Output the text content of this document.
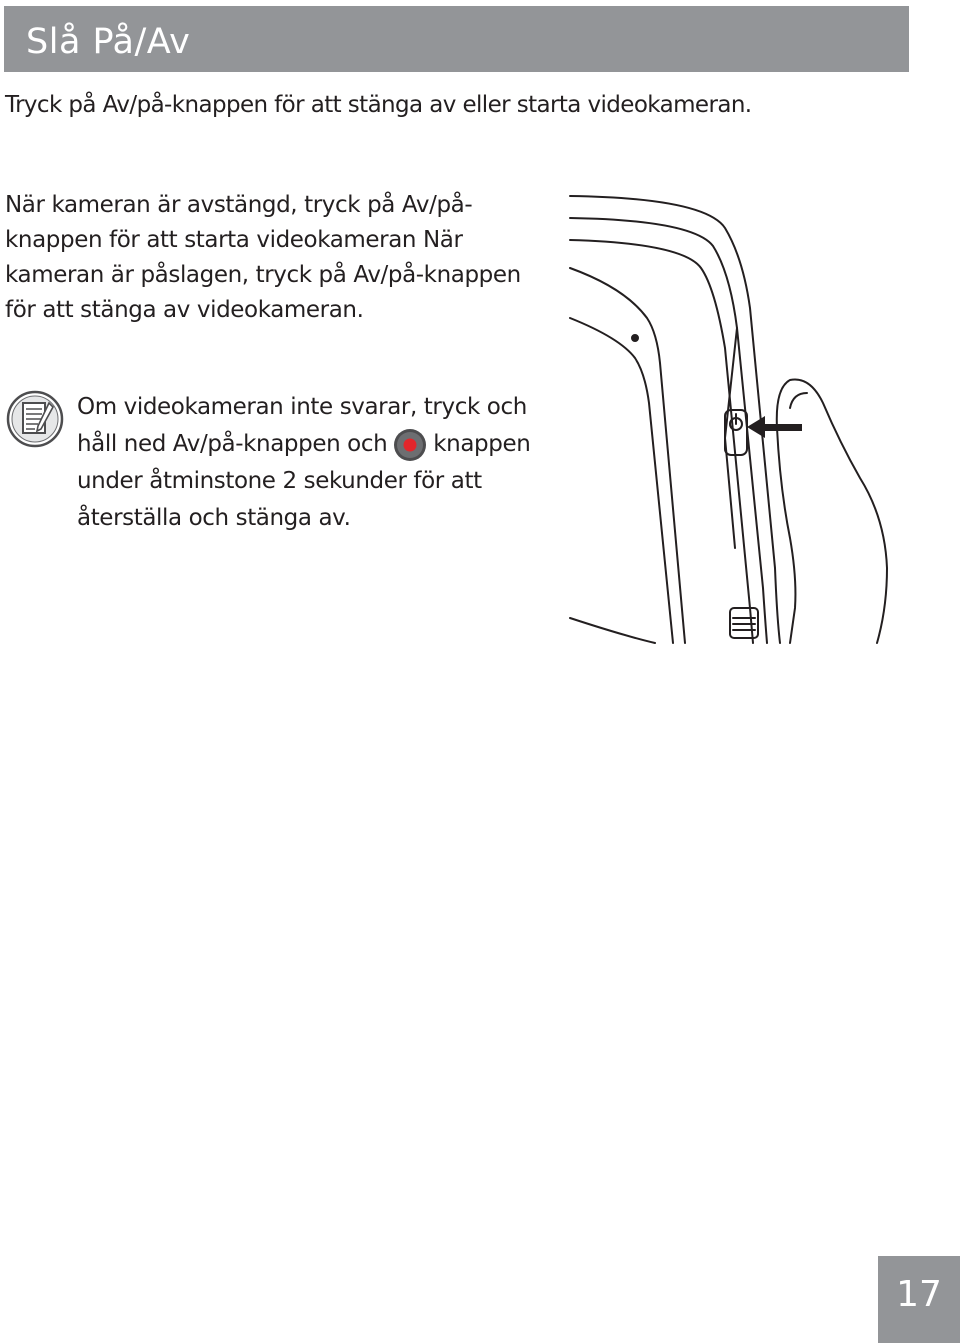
Slå På/Av
Tryck på Av/på-knappen för att stänga av eller starta videokameran.
När kameran är avstängd, tryck på Av/på-
knappen för att starta videokameran När
kameran är påslagen, tryck på Av/på-knappen
för att stänga av videokameran.
Om videokameran inte svarar, tryck och
håll ned Av/på-knappen och knappen
under åtminstone 2 sekunder för att
återställa och stänga av.
17
